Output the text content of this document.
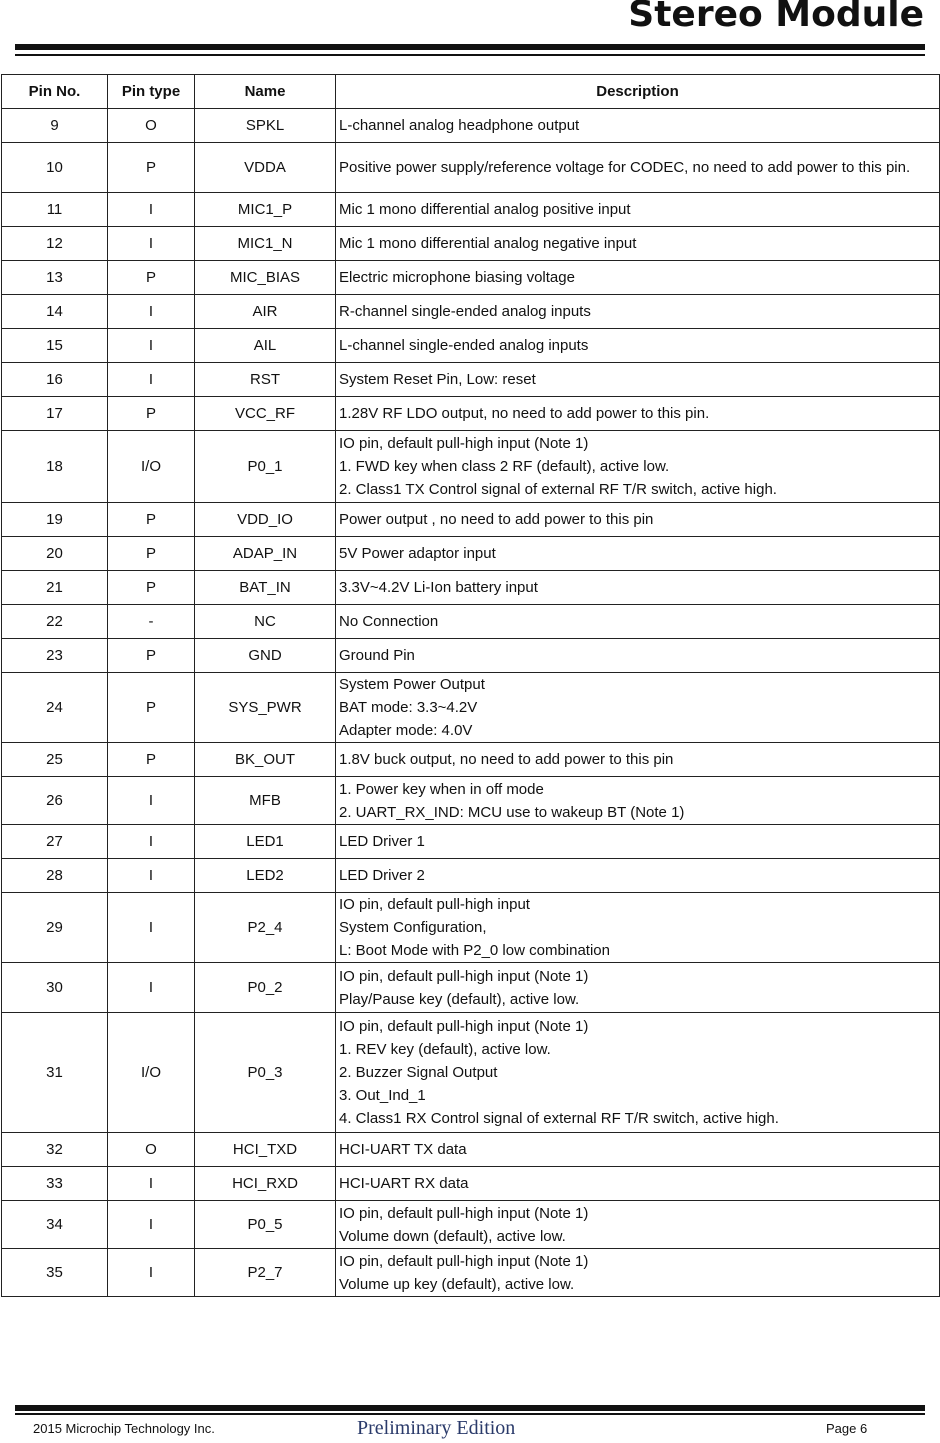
Stereo Module
Pin No.	Pin type	Name	Description
9	O	SPKL	L-channel analog headphone output

10	P	VDDA	Positive power supply/reference voltage for CODEC, no need to add power to this pin.

11	I	MIC1_P	Mic 1 mono differential analog positive input

12	I	MIC1_N	Mic 1 mono differential analog negative input

13	P	MIC_BIAS	Electric microphone biasing voltage

14	I	AIR	R-channel single-ended analog inputs

15	I	AIL	L-channel single-ended analog inputs

16	I	RST	System Reset Pin, Low: reset

17	P	VCC_RF	1.28V RF LDO output, no need to add power to this pin.

18	I/O	P0_1	IO pin, default pull-high input (Note 1)
1. FWD key when class 2 RF (default), active low.
2. Class1 TX Control signal of external RF T/R switch, active high.

19	P	VDD_IO	Power output , no need to add power to this pin

20	P	ADAP_IN	5V Power adaptor input

21	P	BAT_IN	3.3V~4.2V Li-Ion battery input

22	-	NC	No Connection

23	P	GND	Ground Pin

24	P	SYS_PWR	System Power Output
BAT mode: 3.3~4.2V
Adapter mode: 4.0V

25	P	BK_OUT	1.8V buck output, no need to add power to this pin

26	I	MFB	1. Power key when in off mode
2. UART_RX_IND: MCU use to wakeup BT (Note 1)

27	I	LED1	LED Driver 1

28	I	LED2	LED Driver 2

29	I	P2_4	IO pin, default pull-high input
System Configuration,
L: Boot Mode with P2_0 low combination

30	I	P0_2	IO pin, default pull-high input (Note 1)
Play/Pause key (default), active low.

31	I/O	P0_3	IO pin, default pull-high input (Note 1)
1. REV key (default), active low.
2. Buzzer Signal Output
3. Out_Ind_1
4. Class1 RX Control signal of external RF T/R switch, active high.

32	O	HCI_TXD	HCI-UART TX data

33	I	HCI_RXD	HCI-UART RX data

34	I	P0_5	IO pin, default pull-high input (Note 1)
Volume down (default), active low.

35	I	P2_7	IO pin, default pull-high input (Note 1)
Volume up key (default), active low.
2015 Microchip Technology Inc.	Preliminary Edition	Page 6
